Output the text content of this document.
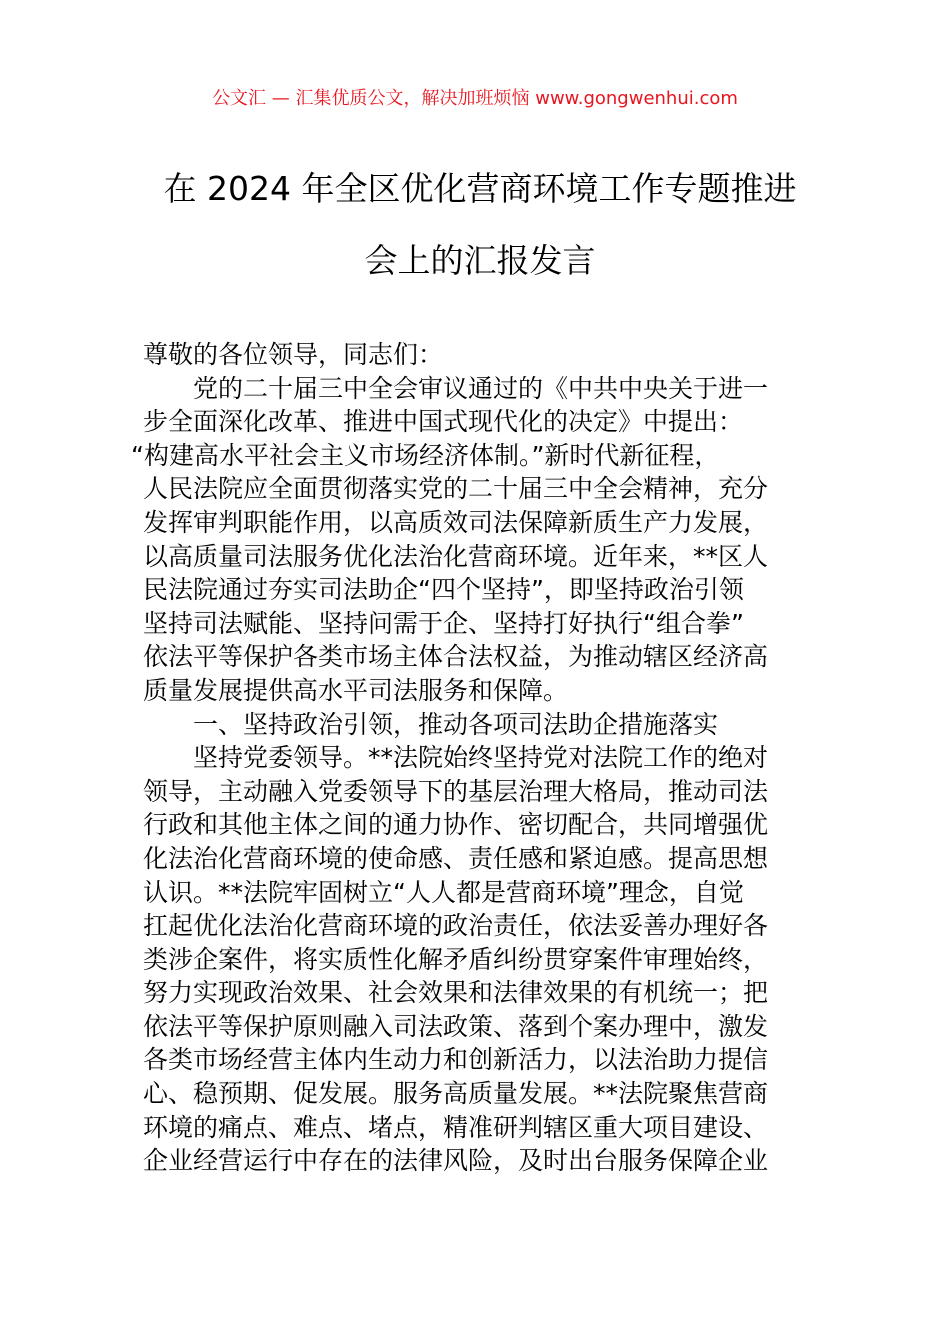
公文汇 — 汇集优质公文，解决加班烦恼 www.gongwenhui.com
在 2024 年全区优化营商环境工作专题推进
会上的汇报发言

尊敬的各位领导，同志们：

党的二十届三中全会审议通过的《中共中央关于进一
步全面深化改革、推进中国式现代化的决定》中提出：
“构建高水平社会主义市场经济体制。”新时代新征程，
人民法院应全面贯彻落实党的二十届三中全会精神，充分
发挥审判职能作用，以高质效司法保障新质生产力发展，
以高质量司法服务优化法治化营商环境。近年来，**区人
民法院通过夯实司法助企“四个坚持”，即坚持政治引领
坚持司法赋能、坚持问需于企、坚持打好执行“组合拳”
依法平等保护各类市场主体合法权益，为推动辖区经济高
质量发展提供高水平司法服务和保障。

一、坚持政治引领，推动各项司法助企措施落实

坚持党委领导。**法院始终坚持党对法院工作的绝对
领导，主动融入党委领导下的基层治理大格局，推动司法
行政和其他主体之间的通力协作、密切配合，共同增强优
化法治化营商环境的使命感、责任感和紧迫感。提高思想
认识。**法院牢固树立“人人都是营商环境”理念，自觉
扛起优化法治化营商环境的政治责任，依法妥善办理好各
类涉企案件，将实质性化解矛盾纠纷贯穿案件审理始终，
努力实现政治效果、社会效果和法律效果的有机统一；把
依法平等保护原则融入司法政策、落到个案办理中，激发
各类市场经营主体内生动力和创新活力，以法治助力提信
心、稳预期、促发展。服务高质量发展。**法院聚焦营商
环境的痛点、难点、堵点，精准研判辖区重大项目建设、
企业经营运行中存在的法律风险，及时出台服务保障企业
